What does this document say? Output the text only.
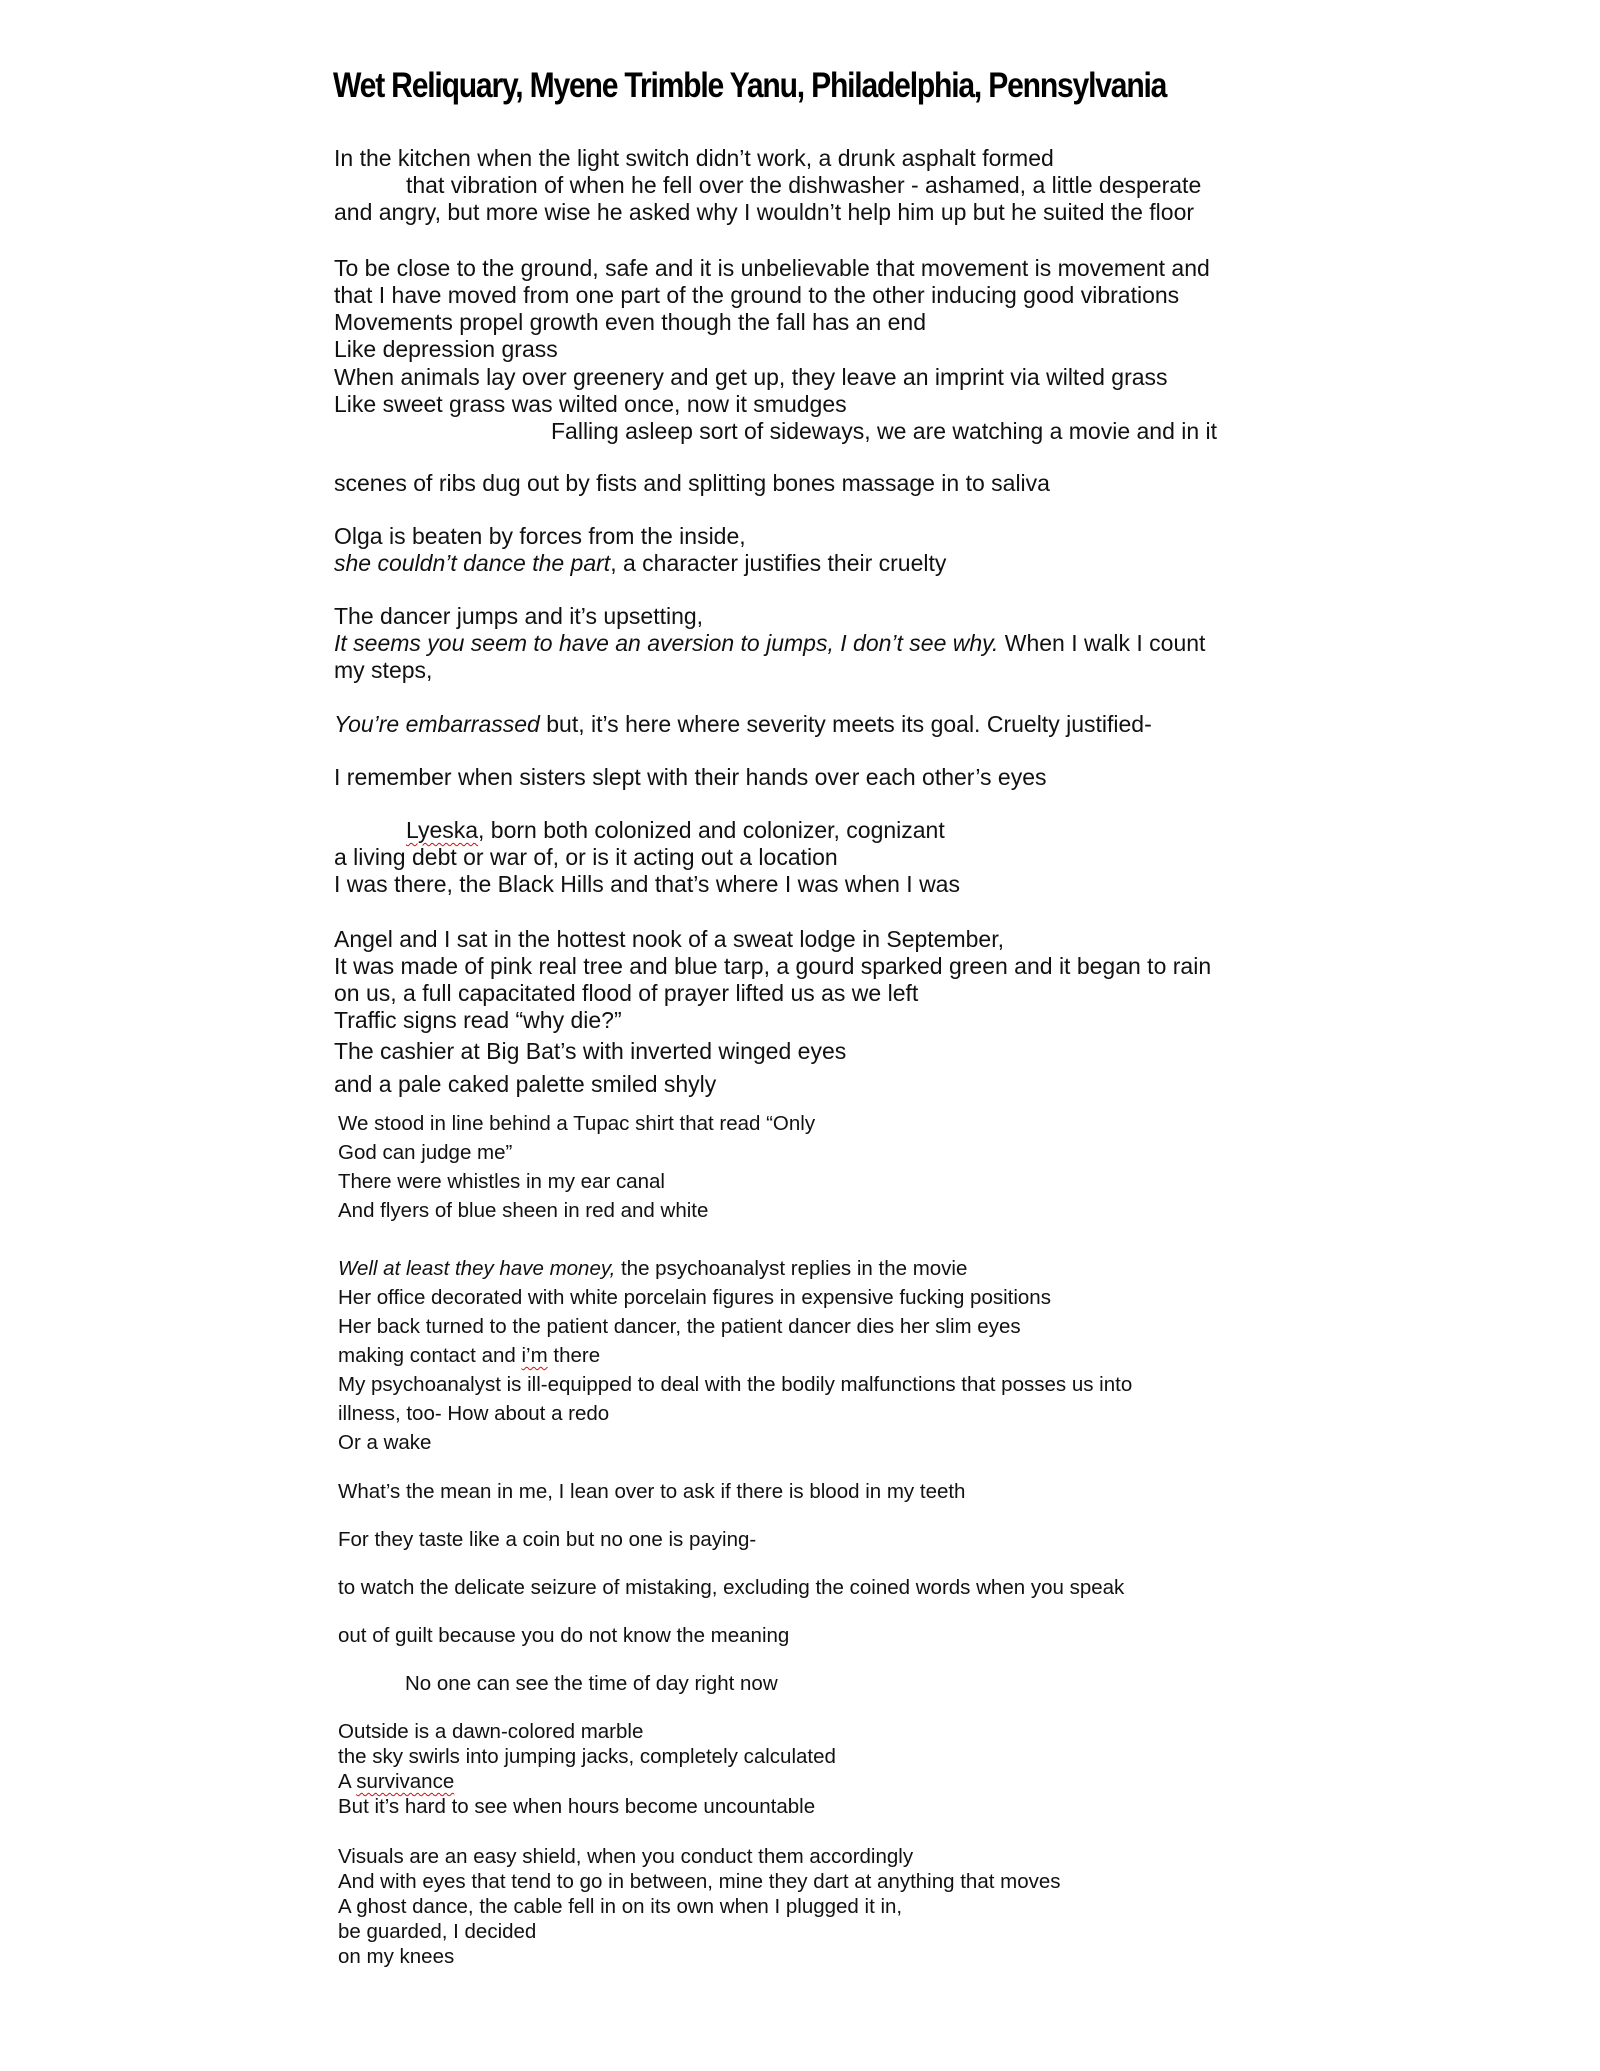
Wet Reliquary, Myene Trimble Yanu, Philadelphia, Pennsylvania
In the kitchen when the light switch didn’t work, a drunk asphalt formed
that vibration of when he fell over the dishwasher - ashamed, a little desperate
and angry, but more wise he asked why I wouldn’t help him up but he suited the floor
To be close to the ground, safe and it is unbelievable that movement is movement and
that I have moved from one part of the ground to the other inducing good vibrations
Movements propel growth even though the fall has an end
Like depression grass
When animals lay over greenery and get up, they leave an imprint via wilted grass
Like sweet grass was wilted once, now it smudges
Falling asleep sort of sideways, we are watching a movie and in it
scenes of ribs dug out by fists and splitting bones massage in to saliva
Olga is beaten by forces from the inside,
she couldn’t dance the part, a character justifies their cruelty
The dancer jumps and it’s upsetting,
It seems you seem to have an aversion to jumps, I don’t see why. When I walk I count
my steps,
You’re embarrassed but, it’s here where severity meets its goal. Cruelty justified-
I remember when sisters slept with their hands over each other’s eyes
Lyeska, born both colonized and colonizer, cognizant
a living debt or war of, or is it acting out a location
I was there, the Black Hills and that’s where I was when I was
Angel and I sat in the hottest nook of a sweat lodge in September,
It was made of pink real tree and blue tarp, a gourd sparked green and it began to rain
on us, a full capacitated flood of prayer lifted us as we left
Traffic signs read “why die?”
The cashier at Big Bat’s with inverted winged eyes
and a pale caked palette smiled shyly
We stood in line behind a Tupac shirt that read “Only
God can judge me”
There were whistles in my ear canal
And flyers of blue sheen in red and white
Well at least they have money, the psychoanalyst replies in the movie
Her office decorated with white porcelain figures in expensive fucking positions
Her back turned to the patient dancer, the patient dancer dies her slim eyes
making contact and i’m there
My psychoanalyst is ill-equipped to deal with the bodily malfunctions that posses us into
illness, too- How about a redo
Or a wake
What’s the mean in me, I lean over to ask if there is blood in my teeth
For they taste like a coin but no one is paying-
to watch the delicate seizure of mistaking, excluding the coined words when you speak
out of guilt because you do not know the meaning
No one can see the time of day right now
Outside is a dawn-colored marble
the sky swirls into jumping jacks, completely calculated
A survivance
But it’s hard to see when hours become uncountable
Visuals are an easy shield, when you conduct them accordingly
And with eyes that tend to go in between, mine they dart at anything that moves
A ghost dance, the cable fell in on its own when I plugged it in,
be guarded, I decided
on my knees
